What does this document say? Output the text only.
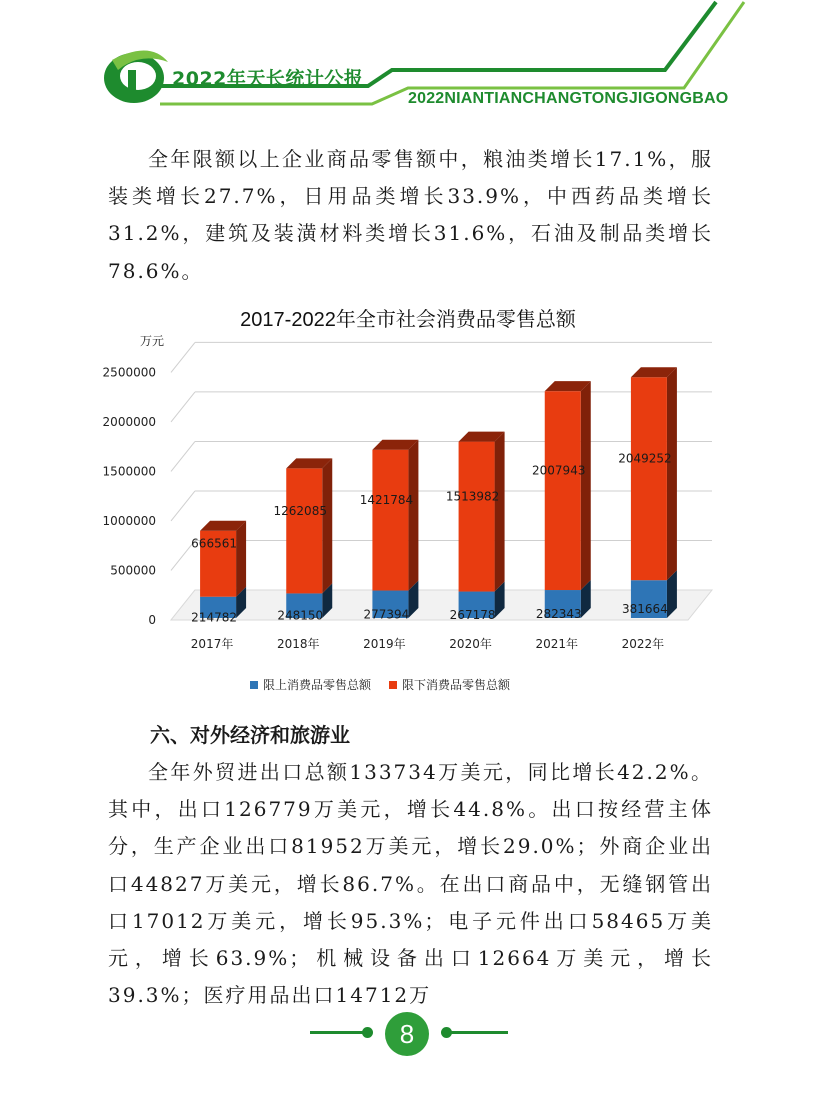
2022年天长统计公报
2022NIANTIANCHANGTONGJIGONGBAO
全年限额以上企业商品零售额中，粮油类增长17.1%，服装类增长27.7%，日用品类增长33.9%，中西药品类增长31.2%，建筑及装潢材料类增长31.6%，石油及制品类增长78.6%。
2017-2022年全市社会消费品零售总额
万元
0
500000
1000000
1500000
2000000
2500000
214782
666561
2017年
248150
1262085
2018年
277394
1421784
2019年
267178
1513982
2020年
282343
2007943
2021年
381664
2049252
2022年
限上消费品零售总额	限下消费品零售总额
六、对外经济和旅游业
全年外贸进出口总额133734万美元，同比增长42.2%。其中，出口126779万美元，增长44.8%。出口按经营主体分，生产企业出口81952万美元，增长29.0%；外商企业出口44827万美元，增长86.7%。在出口商品中，无缝钢管出口17012万美元，增长95.3%；电子元件出口58465万美元，增长63.9%；机械设备出口12664万美元，增长39.3%；医疗用品出口14712万
8
